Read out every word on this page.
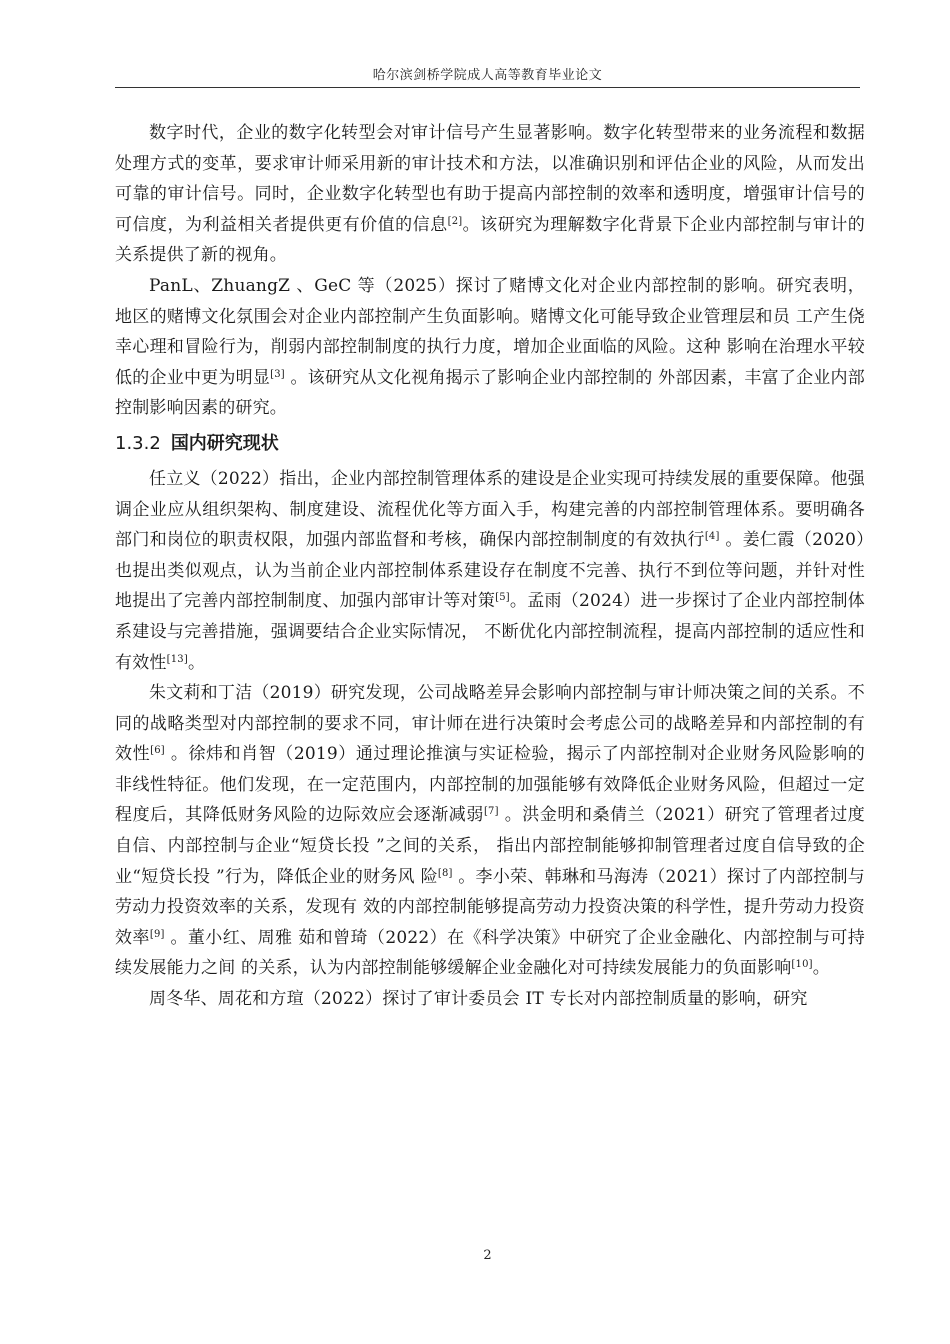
哈尔滨剑桥学院成人高等教育毕业论文

数字时代，企业的数字化转型会对审计信号产生显著影响。数字化转型带来的业务流程和数据处理方式的变革，要求审计师采用新的审计技术和方法，以准确识别和评估企业的风险，从而发出可靠的审计信号。同时，企业数字化转型也有助于提高内部控制的效率和透明度，增强审计信号的可信度，为利益相关者提供更有价值的信息[2]。该研究为理解数字化背景下企业内部控制与审计的关系提供了新的视角。

PanL、ZhuangZ 、GeC 等（2025）探讨了赌博文化对企业内部控制的影响。研究表明， 地区的赌博文化氛围会对企业内部控制产生负面影响。赌博文化可能导致企业管理层和员 工产生侥幸心理和冒险行为，削弱内部控制制度的执行力度，增加企业面临的风险。这种 影响在治理水平较低的企业中更为明显[3] 。该研究从文化视角揭示了影响企业内部控制的 外部因素，丰富了企业内部控制影响因素的研究。

1.3.2 国内研究现状

任立义（2022）指出，企业内部控制管理体系的建设是企业实现可持续发展的重要保障。他强调企业应从组织架构、制度建设、流程优化等方面入手，构建完善的内部控制管理体系。要明确各部门和岗位的职责权限，加强内部监督和考核，确保内部控制制度的有效执行[4] 。姜仁霞（2020）也提出类似观点，认为当前企业内部控制体系建设存在制度不完善、执行不到位等问题，并针对性地提出了完善内部控制制度、加强内部审计等对策[5]。孟雨（2024）进一步探讨了企业内部控制体系建设与完善措施，强调要结合企业实际情况， 不断优化内部控制流程，提高内部控制的适应性和有效性[13]。

朱文莉和丁洁（2019）研究发现，公司战略差异会影响内部控制与审计师决策之间的关系。不同的战略类型对内部控制的要求不同，审计师在进行决策时会考虑公司的战略差异和内部控制的有效性[6] 。徐炜和肖智（2019）通过理论推演与实证检验，揭示了内部控制对企业财务风险影响的非线性特征。他们发现，在一定范围内，内部控制的加强能够有效降低企业财务风险，但超过一定程度后，其降低财务风险的边际效应会逐渐减弱[7] 。洪金明和桑倩兰（2021）研究了管理者过度自信、内部控制与企业“短贷长投 ”之间的关系， 指出内部控制能够抑制管理者过度自信导致的企业“短贷长投 ”行为，降低企业的财务风 险[8] 。李小荣、韩琳和马海涛（2021）探讨了内部控制与劳动力投资效率的关系，发现有 效的内部控制能够提高劳动力投资决策的科学性，提升劳动力投资效率[9] 。董小红、周雅 茹和曾琦（2022）在《科学决策》中研究了企业金融化、内部控制与可持续发展能力之间 的关系，认为内部控制能够缓解企业金融化对可持续发展能力的负面影响[10]。

周冬华、周花和方瑄（2022）探讨了审计委员会 IT 专长对内部控制质量的影响，研究

2
